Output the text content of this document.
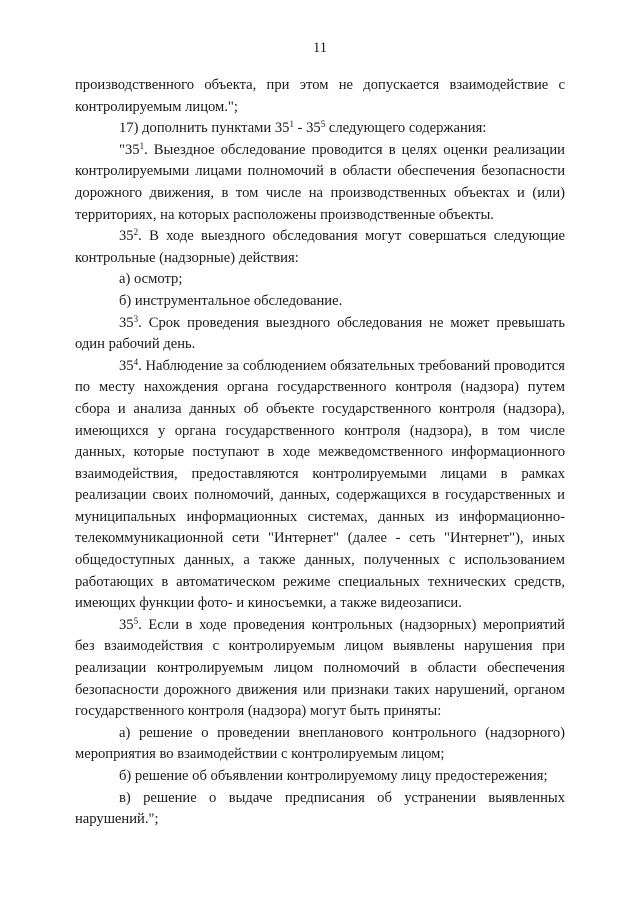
11

производственного объекта, при этом не допускается взаимодействие с контролируемым лицом.";

17) дополнить пунктами $35^1 - 35^5$ следующего содержания:

"$35^1$. Выездное обследование проводится в целях оценки реализации контролируемыми лицами полномочий в области обеспечения безопасности дорожного движения, в том числе на производственных объектах и (или) территориях, на которых расположены производственные объекты.

$35^2$. В ходе выездного обследования могут совершаться следующие контрольные (надзорные) действия:

а) осмотр;

б) инструментальное обследование.

$35^3$. Срок проведения выездного обследования не может превышать один рабочий день.

$35^4$. Наблюдение за соблюдением обязательных требований проводится по месту нахождения органа государственного контроля (надзора) путем сбора и анализа данных об объекте государственного контроля (надзора), имеющихся у органа государственного контроля (надзора), в том числе данных, которые поступают в ходе межведомственного информационного взаимодействия, предоставляются контролируемыми лицами в рамках реализации своих полномочий, данных, содержащихся в государственных и муниципальных информационных системах, данных из информационно-телекоммуникационной сети "Интернет" (далее - сеть "Интернет"), иных общедоступных данных, а также данных, полученных с использованием работающих в автоматическом режиме специальных технических средств, имеющих функции фото- и киносъемки, а также видеозаписи.

$35^5$. Если в ходе проведения контрольных (надзорных) мероприятий без взаимодействия с контролируемым лицом выявлены нарушения при реализации контролируемым лицом полномочий в области обеспечения безопасности дорожного движения или признаки таких нарушений, органом государственного контроля (надзора) могут быть приняты:

а) решение о проведении внепланового контрольного (надзорного) мероприятия во взаимодействии с контролируемым лицом;

б) решение об объявлении контролируемому лицу предостережения;

в) решение о выдаче предписания об устранении выявленных нарушений.";
